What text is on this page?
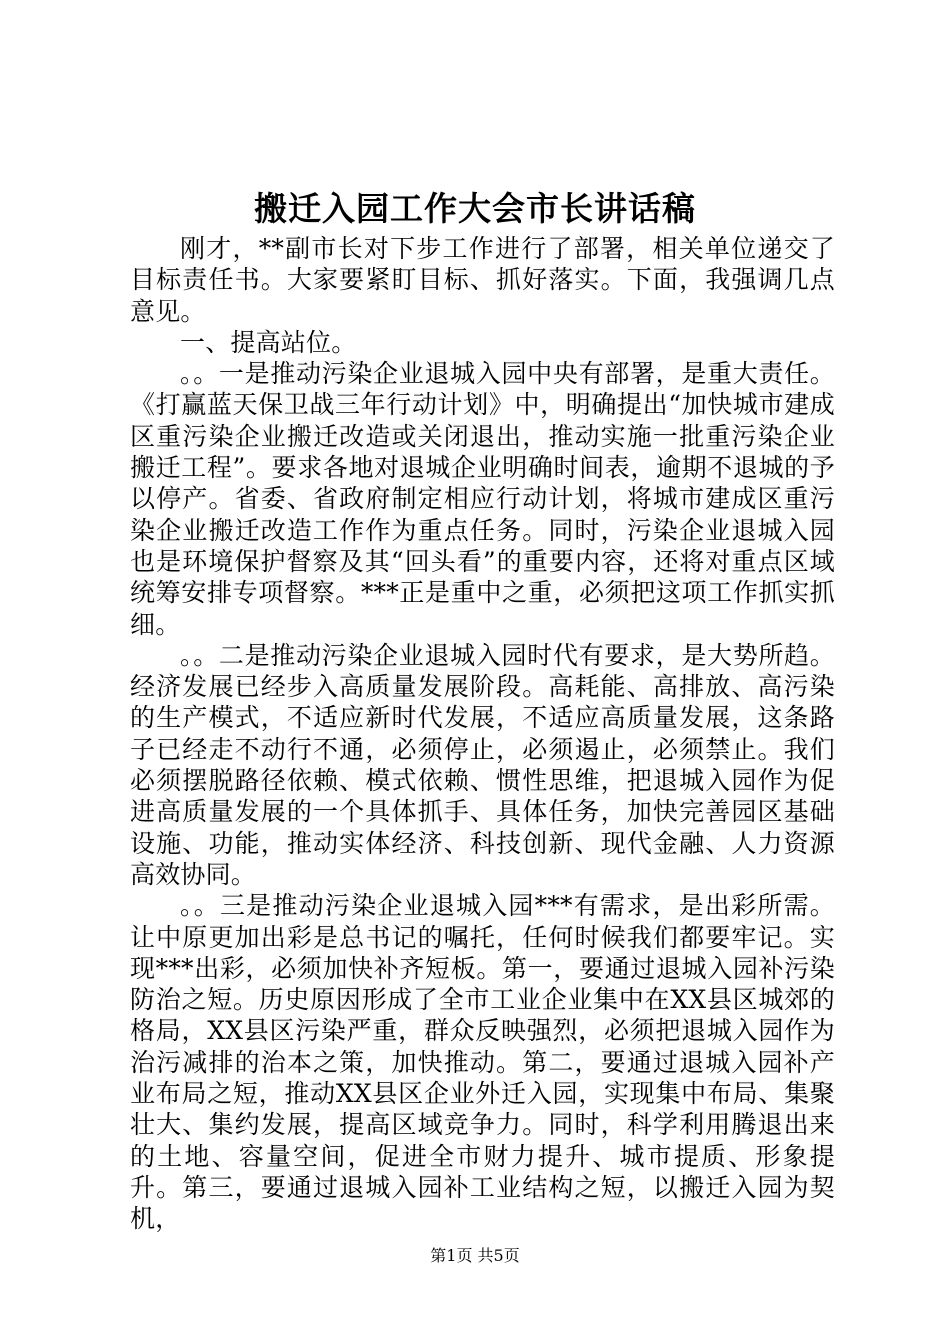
搬迁入园工作大会市长讲话稿

刚才，**副市长对下步工作进行了部署，相关单位递交了目标责任书。大家要紧盯目标、抓好落实。下面，我强调几点意见。

一、提高站位。

。。一是推动污染企业退城入园中央有部署，是重大责任。《打赢蓝天保卫战三年行动计划》中，明确提出“加快城市建成区重污染企业搬迁改造或关闭退出，推动实施一批重污染企业搬迁工程”。要求各地对退城企业明确时间表，逾期不退城的予以停产。省委、省政府制定相应行动计划，将城市建成区重污染企业搬迁改造工作作为重点任务。同时，污染企业退城入园也是环境保护督察及其“回头看”的重要内容，还将对重点区域统筹安排专项督察。***正是重中之重，必须把这项工作抓实抓细。

。。二是推动污染企业退城入园时代有要求，是大势所趋。经济发展已经步入高质量发展阶段。高耗能、高排放、高污染的生产模式，不适应新时代发展，不适应高质量发展，这条路子已经走不动行不通，必须停止，必须遏止，必须禁止。我们必须摆脱路径依赖、模式依赖、惯性思维，把退城入园作为促进高质量发展的一个具体抓手、具体任务，加快完善园区基础设施、功能，推动实体经济、科技创新、现代金融、人力资源高效协同。

。。三是推动污染企业退城入园***有需求，是出彩所需。让中原更加出彩是总书记的嘱托，任何时候我们都要牢记。实现***出彩，必须加快补齐短板。第一，要通过退城入园补污染防治之短。历史原因形成了全市工业企业集中在XX县区城郊的格局，XX县区污染严重，群众反映强烈，必须把退城入园作为治污减排的治本之策，加快推动。第二，要通过退城入园补产业布局之短，推动XX县区企业外迁入园，实现集中布局、集聚壮大、集约发展，提高区域竞争力。同时，科学利用腾退出来的土地、容量空间，促进全市财力提升、城市提质、形象提升。第三，要通过退城入园补工业结构之短，以搬迁入园为契机，

第1页 共5页
